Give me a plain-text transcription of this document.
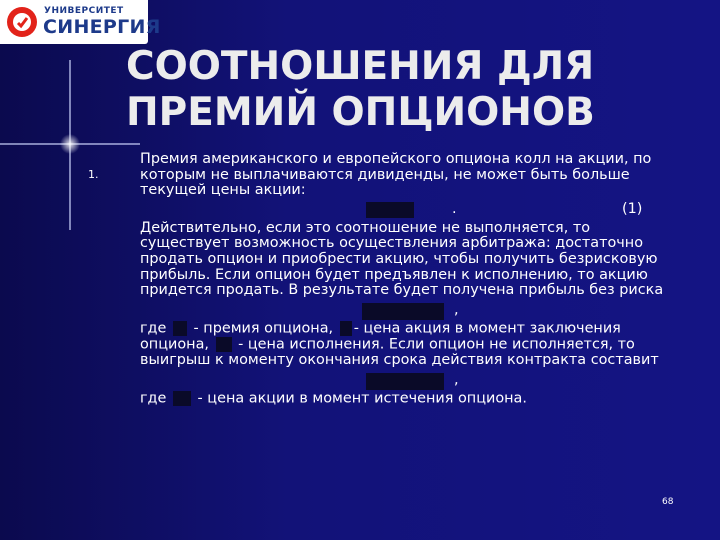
УНИВЕРСИТЕТ
СИНЕРГИЯ
СООТНОШЕНИЯ ДЛЯ
ПРЕМИЙ ОПЦИОНОВ
1.

Премия американского и европейского опциона колл на акции, по которым не выплачиваются дивиденды, не может быть больше текущей цены акции:

.	(1)

Действительно, если это соотношение не выполняется, то существует возможность осуществления арбитража: достаточно продать опцион и приобрести акцию, чтобы получить безрисковую прибыль. Если опцион будет предъявлен к исполнению, то акцию придется продать. В результате будет получена прибыль без риска

,

где - премия опциона, - цена акция в момент заключения опциона, - цена исполнения. Если опцион не исполняется, то выигрыш к моменту окончания срока действия контракта составит

,

где - цена акции в момент истечения опциона.

68
